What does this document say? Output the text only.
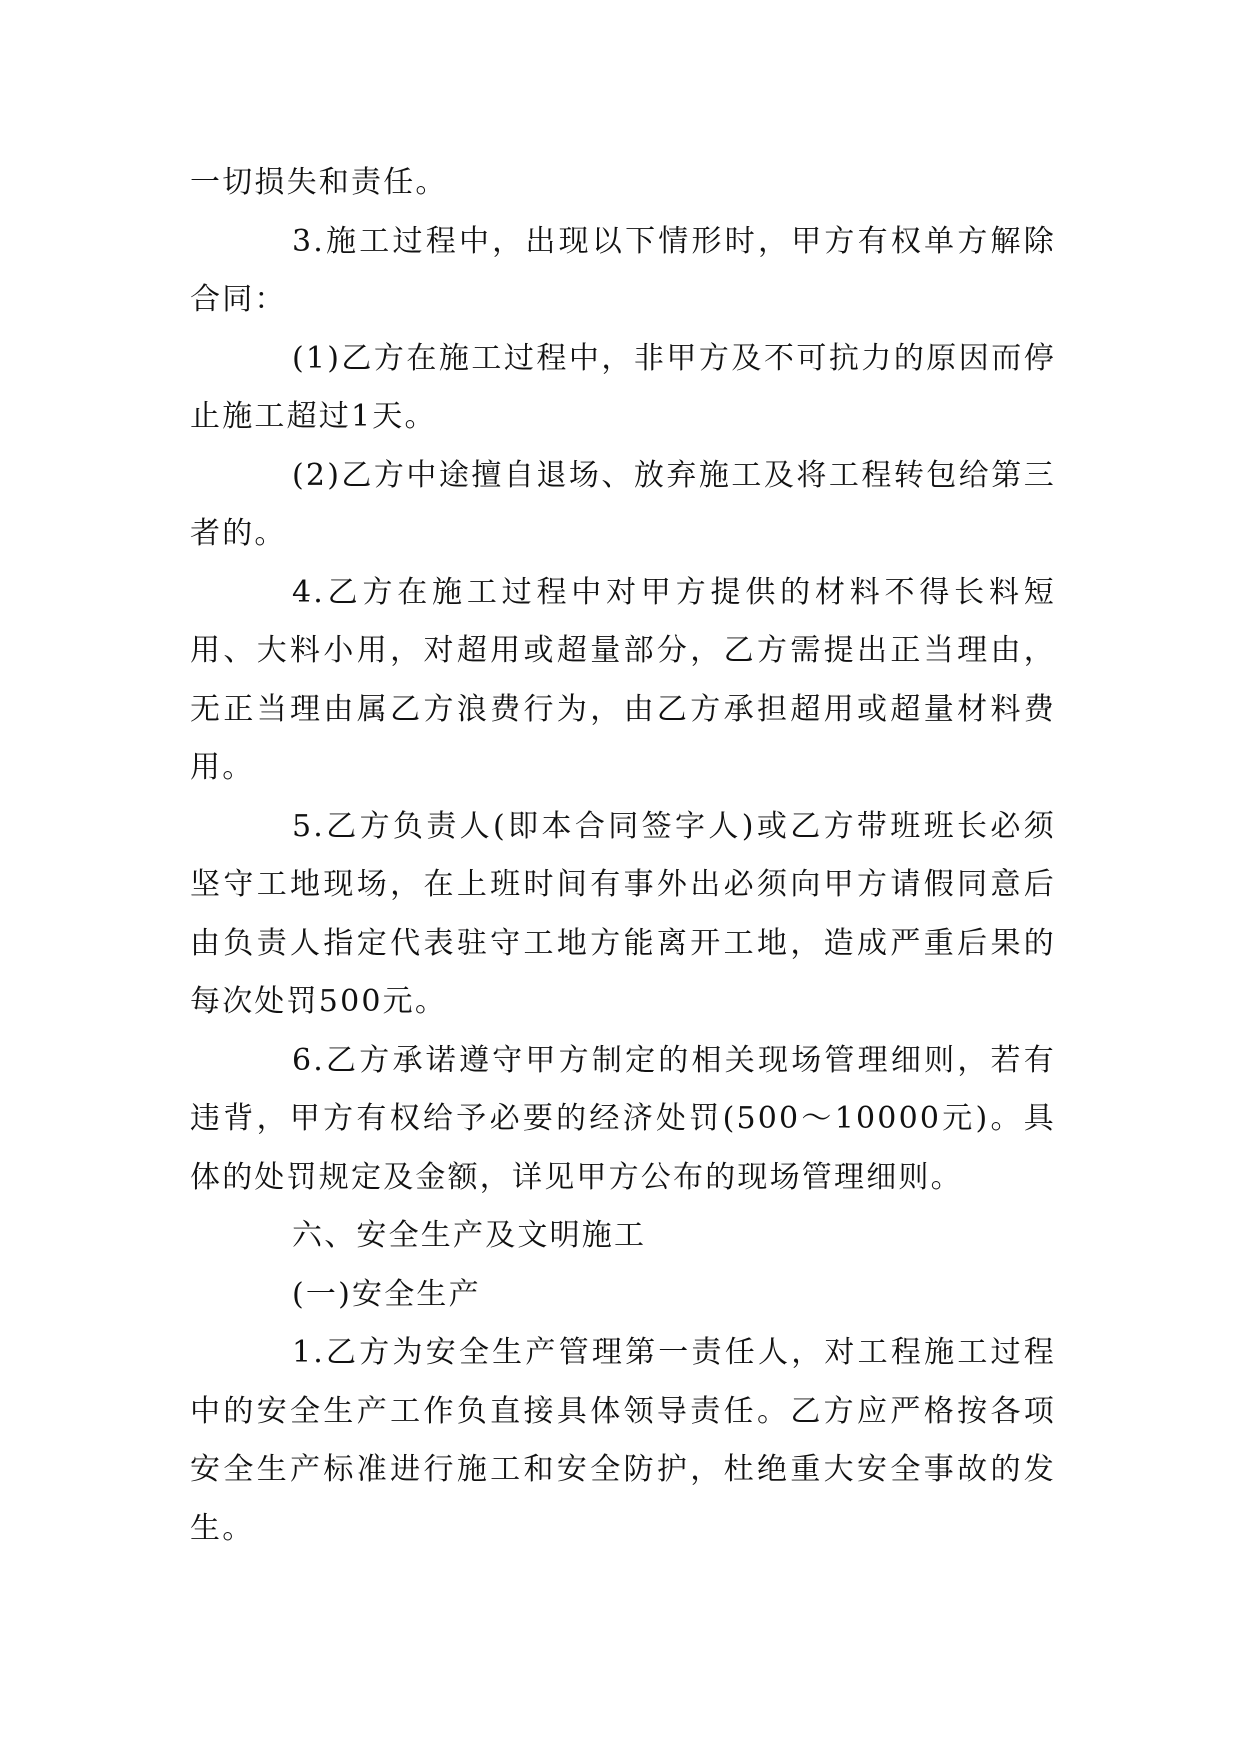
一切损失和责任。

3.施工过程中，出现以下情形时，甲方有权单方解除合同：

(1)乙方在施工过程中，非甲方及不可抗力的原因而停止施工超过1天。

(2)乙方中途擅自退场、放弃施工及将工程转包给第三者的。

4.乙方在施工过程中对甲方提供的材料不得长料短用、大料小用，对超用或超量部分，乙方需提出正当理由，无正当理由属乙方浪费行为，由乙方承担超用或超量材料费用。

5.乙方负责人(即本合同签字人)或乙方带班班长必须坚守工地现场，在上班时间有事外出必须向甲方请假同意后由负责人指定代表驻守工地方能离开工地，造成严重后果的每次处罚500元。

6.乙方承诺遵守甲方制定的相关现场管理细则，若有违背，甲方有权给予必要的经济处罚(500～10000元)。具体的处罚规定及金额，详见甲方公布的现场管理细则。

六、安全生产及文明施工

(一)安全生产

1.乙方为安全生产管理第一责任人，对工程施工过程中的安全生产工作负直接具体领导责任。乙方应严格按各项安全生产标准进行施工和安全防护，杜绝重大安全事故的发生。
